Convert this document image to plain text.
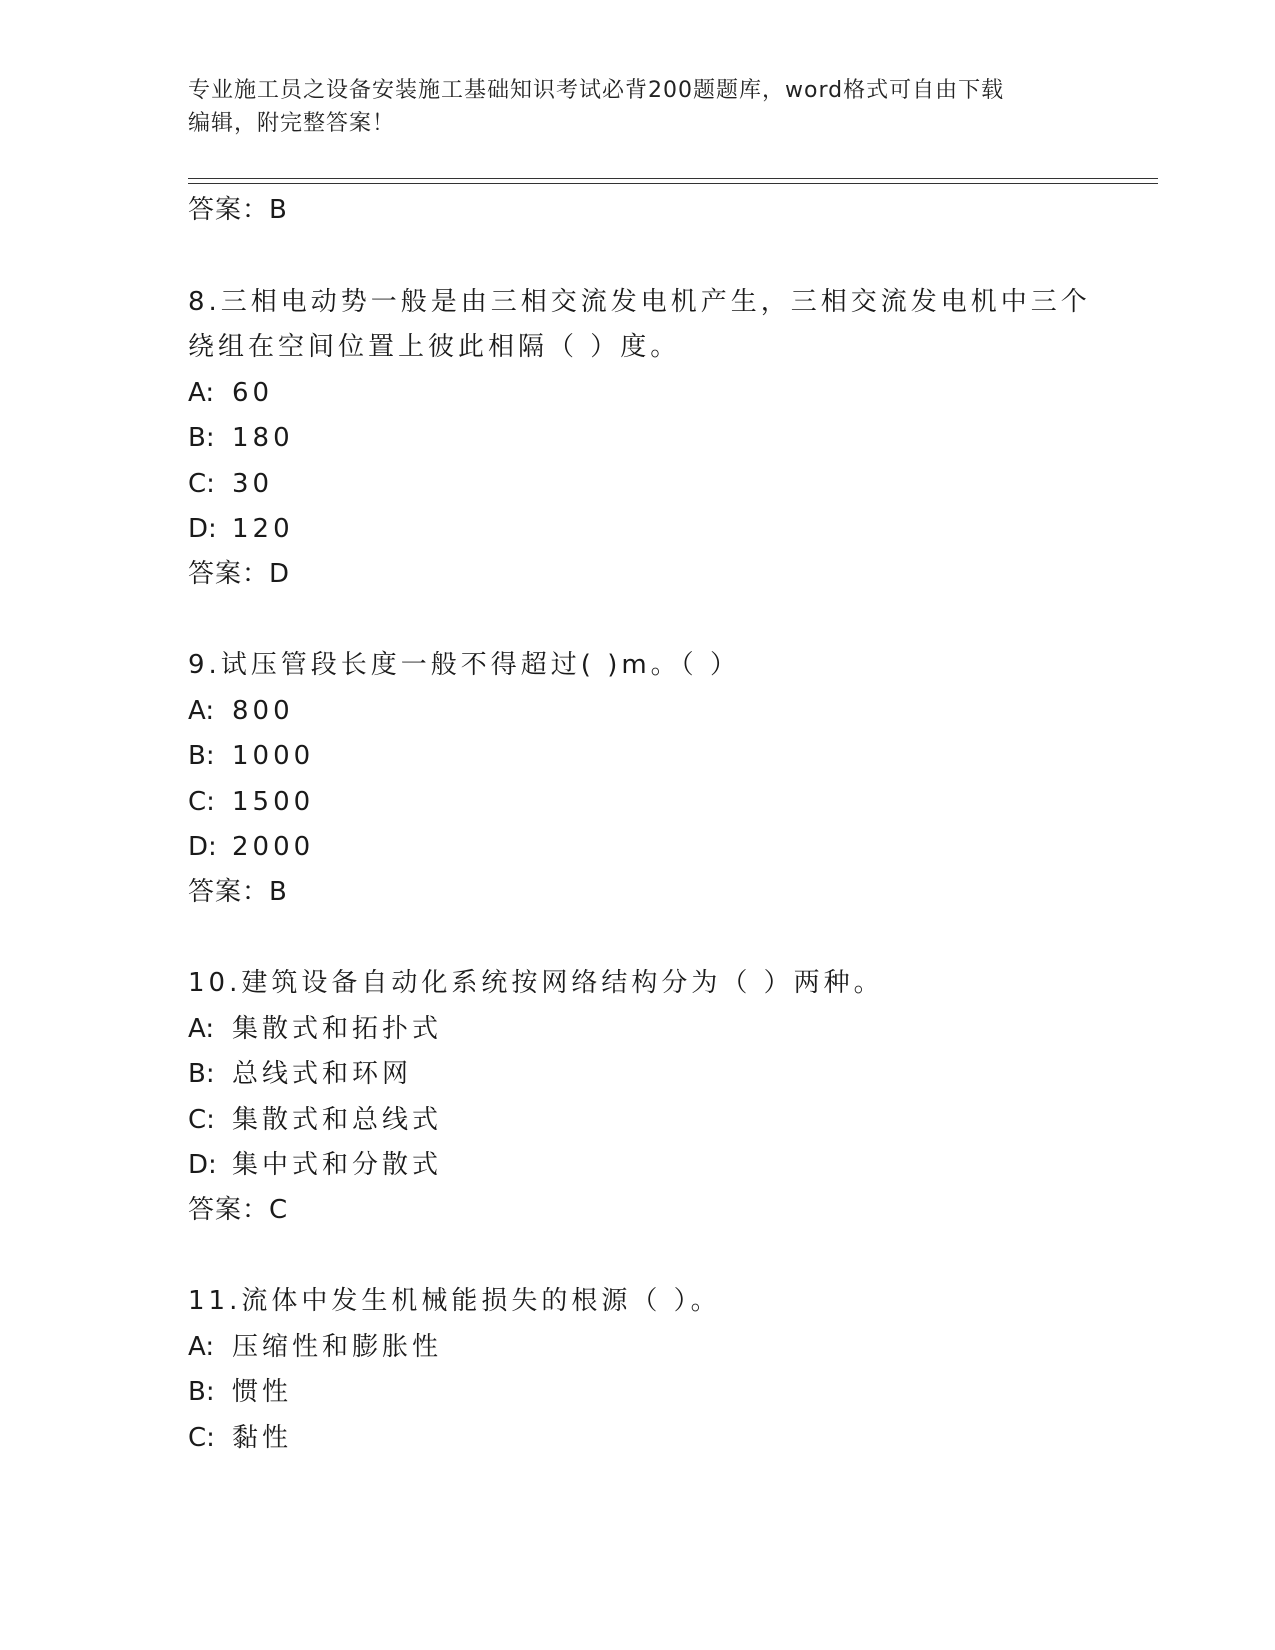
专业施工员之设备安装施工基础知识考试必背200题题库，word格式可自由下载
编辑，附完整答案！
答案：B
8.三相电动势一般是由三相交流发电机产生，三相交流发电机中三个
绕组在空间位置上彼此相隔（ ）度。
A: 60
B: 180
C: 30
D: 120
答案：D
9.试压管段长度一般不得超过( )m。（ ）
A: 800
B: 1000
C: 1500
D: 2000
答案：B
10.建筑设备自动化系统按网络结构分为（ ）两种。
A: 集散式和拓扑式
B: 总线式和环网
C: 集散式和总线式
D: 集中式和分散式
答案：C
11.流体中发生机械能损失的根源（ ）。
A: 压缩性和膨胀性
B: 惯性
C: 黏性
